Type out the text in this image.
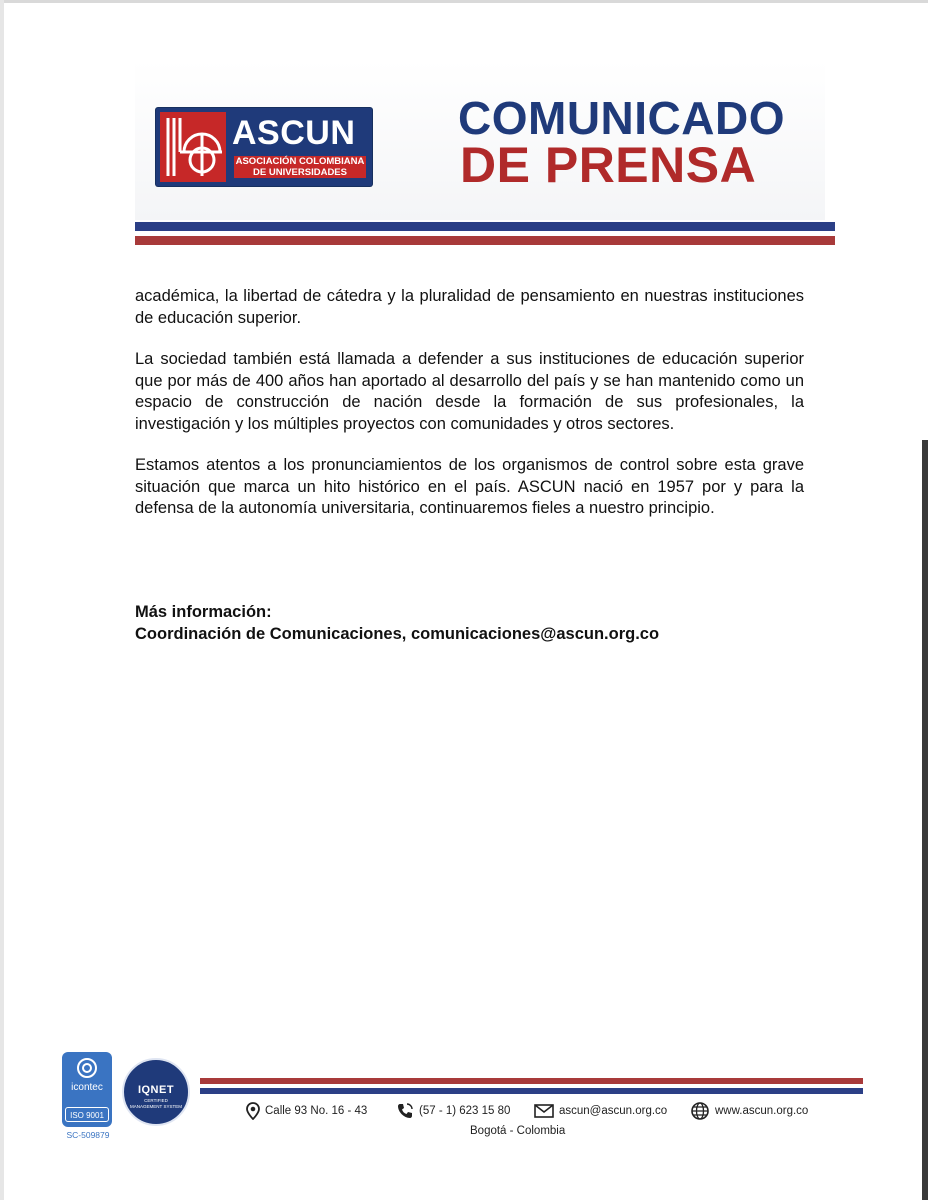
ASCUN
ASOCIACIÓN COLOMBIANA
DE UNIVERSIDADES
COMUNICADO
DE PRENSA

académica, la libertad de cátedra y la pluralidad de pensamiento en nuestras instituciones de educación superior.

La sociedad también está llamada a defender a sus instituciones de educación superior que por más de 400 años han aportado al desarrollo del país y se han mantenido como un espacio de construcción de nación desde la formación de sus profesionales, la investigación y los múltiples proyectos con comunidades y otros sectores.

Estamos atentos a los pronunciamientos de los organismos de control sobre esta grave situación que marca un hito histórico en el país. ASCUN nació en 1957 por y para la defensa de la autonomía universitaria, continuaremos fieles a nuestro principio.

Más información:
Coordinación de Comunicaciones, comunicaciones@ascun.org.co
icontec
ISO 9001
SC-509879
IQNET
CERTIFIED MANAGEMENT SYSTEM	Calle 93 No. 16 - 43	(57 - 1) 623 15 80	ascun@ascun.org.co	www.ascun.org.co
Bogotá - Colombia
